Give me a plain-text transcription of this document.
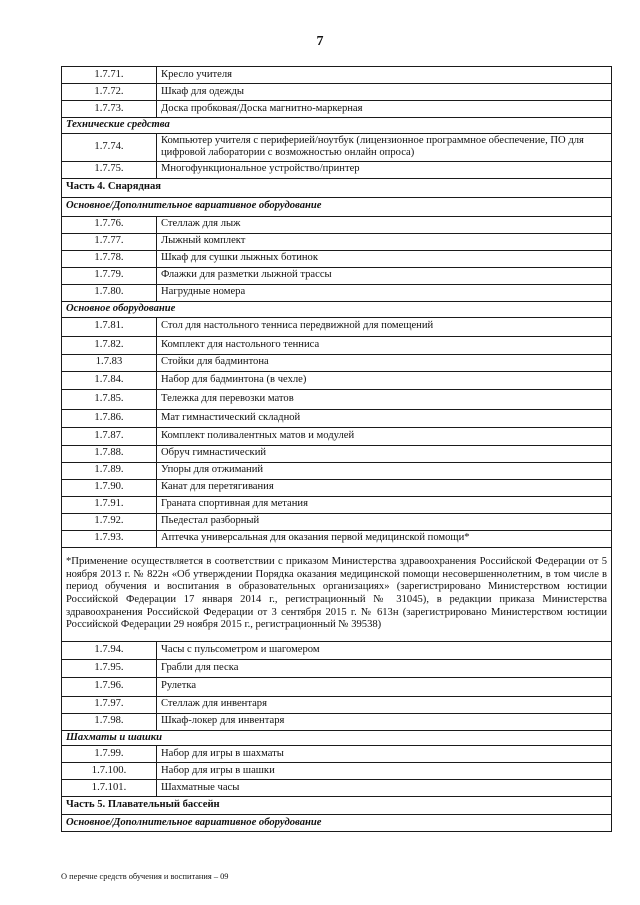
7
1.7.71.	Кресло учителя
1.7.72.	Шкаф для одежды
1.7.73.	Доска пробковая/Доска магнитно-маркерная
Технические средства	
1.7.74.	Компьютер учителя с периферией/ноутбук (лицензионное программное обеспечение, ПО для цифровой лаборатории с возможностью онлайн опроса)
1.7.75.	Многофункциональное устройство/принтер
Часть 4. Снарядная	
Основное/Дополнительное вариативное оборудование	
1.7.76.	Стеллаж для лыж
1.7.77.	Лыжный комплект
1.7.78.	Шкаф для сушки лыжных ботинок
1.7.79.	Флажки для разметки лыжной трассы
1.7.80.	Нагрудные номера
Основное оборудование	
1.7.81.	Стол для настольного тенниса передвижной для помещений
1.7.82.	Комплект для настольного тенниса
1.7.83	Стойки для бадминтона
1.7.84.	Набор для бадминтона (в чехле)
1.7.85.	Тележка для перевозки матов
1.7.86.	Мат гимнастический складной
1.7.87.	Комплект поливалентных матов и модулей
1.7.88.	Обруч гимнастический
1.7.89.	Упоры для отжиманий
1.7.90.	Канат для перетягивания
1.7.91.	Граната спортивная для метания
1.7.92.	Пьедестал разборный
1.7.93.	Аптечка универсальная для оказания первой медицинской помощи*
*Применение осуществляется в соответствии с приказом Министерства здравоохранения Российской Федерации от 5 ноября 2013 г. № 822н «Об утверждении Порядка оказания медицинской помощи несовершеннолетним, в том числе в период обучения и воспитания в образовательных организациях» (зарегистрировано Министерством юстиции Российской Федерации 17 января 2014 г., регистрационный № 31045), в редакции приказа Министерства здравоохранения Российской Федерации от 3 сентября 2015 г. № 613н (зарегистрировано Министерством юстиции Российской Федерации 29 ноября 2015 г., регистрационный № 39538)	
1.7.94.	Часы с пульсометром и шагомером
1.7.95.	Грабли для песка
1.7.96.	Рулетка
1.7.97.	Стеллаж для инвентаря
1.7.98.	Шкаф-локер для инвентаря
Шахматы и шашки	
1.7.99.	Набор для игры в шахматы
1.7.100.	Набор для игры в шашки
1.7.101.	Шахматные часы
Часть 5. Плавательный бассейн	
Основное/Дополнительное вариативное оборудование	
О перечне средств обучения и воспитания – 09
